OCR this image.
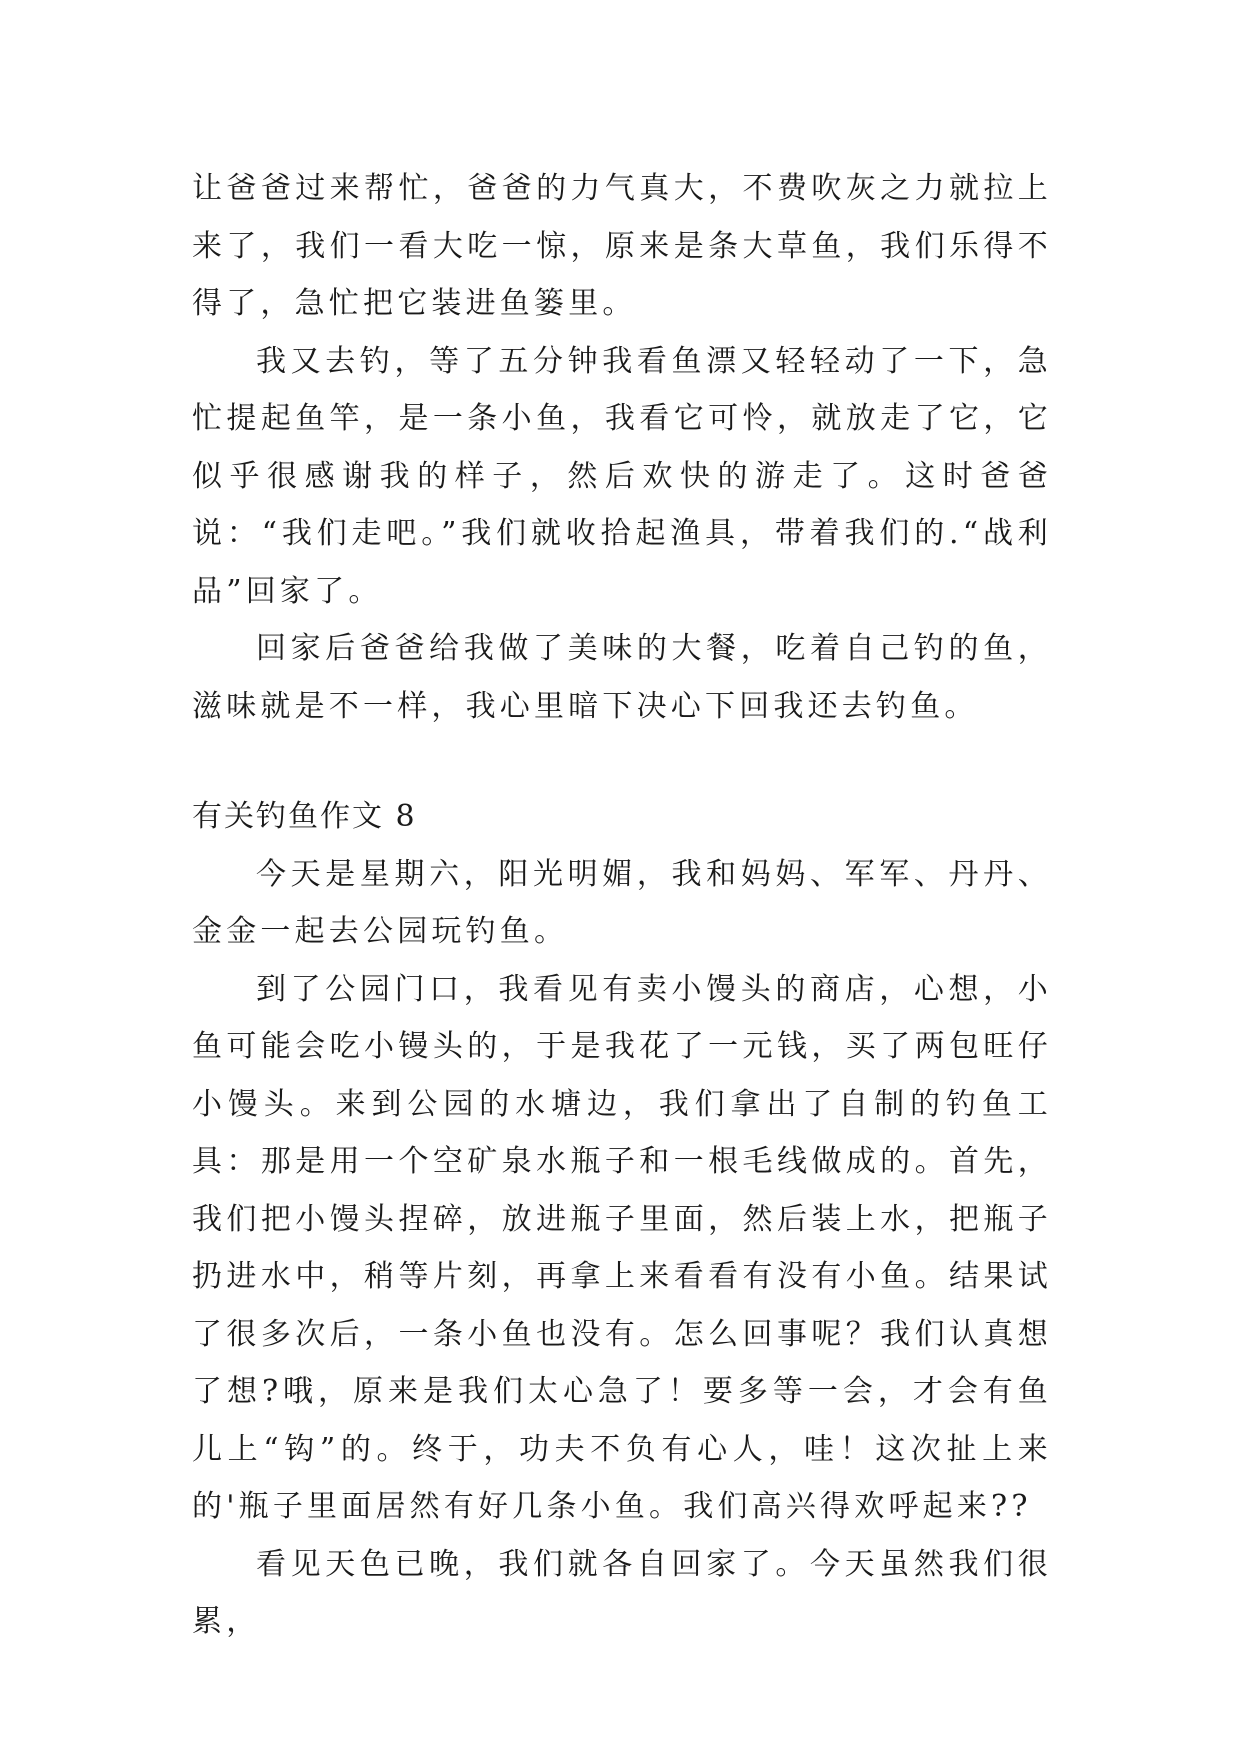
让爸爸过来帮忙，爸爸的力气真大，不费吹灰之力就拉上来了，我们一看大吃一惊，原来是条大草鱼，我们乐得不得了，急忙把它装进鱼篓里。

我又去钓，等了五分钟我看鱼漂又轻轻动了一下，急忙提起鱼竿，是一条小鱼，我看它可怜，就放走了它，它似乎很感谢我的样子，然后欢快的游走了。这时爸爸说：“我们走吧。”我们就收拾起渔具，带着我们的.“战利品”回家了。

回家后爸爸给我做了美味的大餐，吃着自己钓的鱼，滋味就是不一样，我心里暗下决心下回我还去钓鱼。

有关钓鱼作文 8

今天是星期六，阳光明媚，我和妈妈、军军、丹丹、金金一起去公园玩钓鱼。

到了公园门口，我看见有卖小馒头的商店，心想，小鱼可能会吃小镘头的，于是我花了一元钱，买了两包旺仔小馒头。来到公园的水塘边，我们拿出了自制的钓鱼工具：那是用一个空矿泉水瓶子和一根毛线做成的。首先，我们把小馒头捏碎，放进瓶子里面，然后装上水，把瓶子扔进水中，稍等片刻，再拿上来看看有没有小鱼。结果试了很多次后，一条小鱼也没有。怎么回事呢？我们认真想了想?哦，原来是我们太心急了！要多等一会，才会有鱼儿上“钩”的。终于，功夫不负有心人，哇！这次扯上来的'瓶子里面居然有好几条小鱼。我们高兴得欢呼起来??

看见天色已晚，我们就各自回家了。今天虽然我们很累，
